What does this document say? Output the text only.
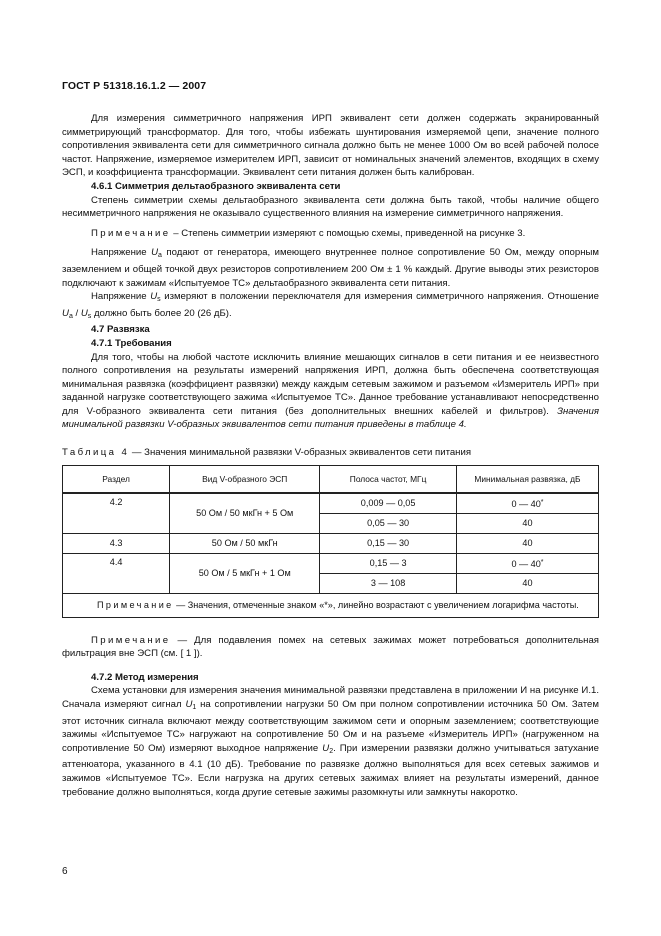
ГОСТ Р 51318.16.1.2 — 2007

Для измерения симметричного напряжения ИРП эквивалент сети должен содержать экранированный симметрирующий трансформатор. Для того, чтобы избежать шунтирования измеряемой цепи, значение полного сопротивления эквивалента сети для симметричного сигнала должно быть не менее 1000 Ом во всей рабочей полосе частот. Напряжение, измеряемое измерителем ИРП, зависит от номинальных значений элементов, входящих в схему ЭСП, и коэффициента трансформации. Эквивалент сети питания должен быть калиброван.

4.6.1 Симметрия дельтаобразного эквивалента сети

Степень симметрии схемы дельтаобразного эквивалента сети должна быть такой, чтобы наличие общего несимметричного напряжения не оказывало существенного влияния на измерение симметричного напряжения.

Примечание – Степень симметрии измеряют с помощью схемы, приведенной на рисунке 3.

Напряжение $U_a$ подают от генератора, имеющего внутреннее полное сопротивление 50 Ом, между опорным заземлением и общей точкой двух резисторов сопротивлением 200 Ом ± 1 % каждый. Другие выводы этих резисторов подключают к зажимам «Испытуемое ТС» дельтаобразного эквивалента сети питания.

Напряжение $U_s$ измеряют в положении переключателя для измерения симметричного напряжения. Отношение $U_a / U_s$ должно быть более 20 (26 дБ).

4.7 Развязка

4.7.1 Требования

Для того, чтобы на любой частоте исключить влияние мешающих сигналов в сети питания и ее неизвестного полного сопротивления на результаты измерений напряжения ИРП, должна быть обеспечена соответствующая минимальная развязка (коэффициент развязки) между каждым сетевым зажимом и разъемом «Измеритель ИРП» при заданной нагрузке соответствующего зажима «Испытуемое ТС». Данное требование устанавливают непосредственно для V-образного эквивалента сети питания (без дополнительных внешних кабелей и фильтров). Значения минимальной развязки V-образных эквивалентов сети питания приведены в таблице 4.

Таблица 4 — Значения минимальной развязки V-образных эквивалентов сети питания

Раздел	Вид V-образного ЭСП	Полоса частот, МГц	Минимальная развязка, дБ
4.2	50 Ом / 50 мкГн + 5 Ом	0,009 — 0,05	0 — 40*
		0,05 — 30	40
4.3	50 Ом / 50 мкГн	0,15 — 30	40
4.4	50 Ом / 5 мкГн + 1 Ом	0,15 — 3	0 — 40*
		3 — 108	40

Примечание — Значения, отмеченные знаком «*», линейно возрастают с увеличением логарифма частоты.			

Примечание — Для подавления помех на сетевых зажимах может потребоваться дополнительная фильтрация вне ЭСП (см. [ 1 ]).

4.7.2 Метод измерения

Схема установки для измерения значения минимальной развязки представлена в приложении И на рисунке И.1. Сначала измеряют сигнал $U_1$ на сопротивлении нагрузки 50 Ом при полном сопротивлении источника 50 Ом. Затем этот источник сигнала включают между соответствующим зажимом сети и опорным заземлением; соответствующие зажимы «Испытуемое ТС» нагружают на сопротивление 50 Ом и на разъеме «Измеритель ИРП» (нагруженном на сопротивление 50 Ом) измеряют выходное напряжение $U_2$. При измерении развязки должно учитываться затухание аттенюатора, указанного в 4.1 (10 дБ). Требование по развязке должно выполняться для всех сетевых зажимов и зажимов «Испытуемое ТС». Если нагрузка на других сетевых зажимах влияет на результаты измерений, данное требование должно выполняться, когда другие сетевые зажимы разомкнуты или замкнуты накоротко.

6
